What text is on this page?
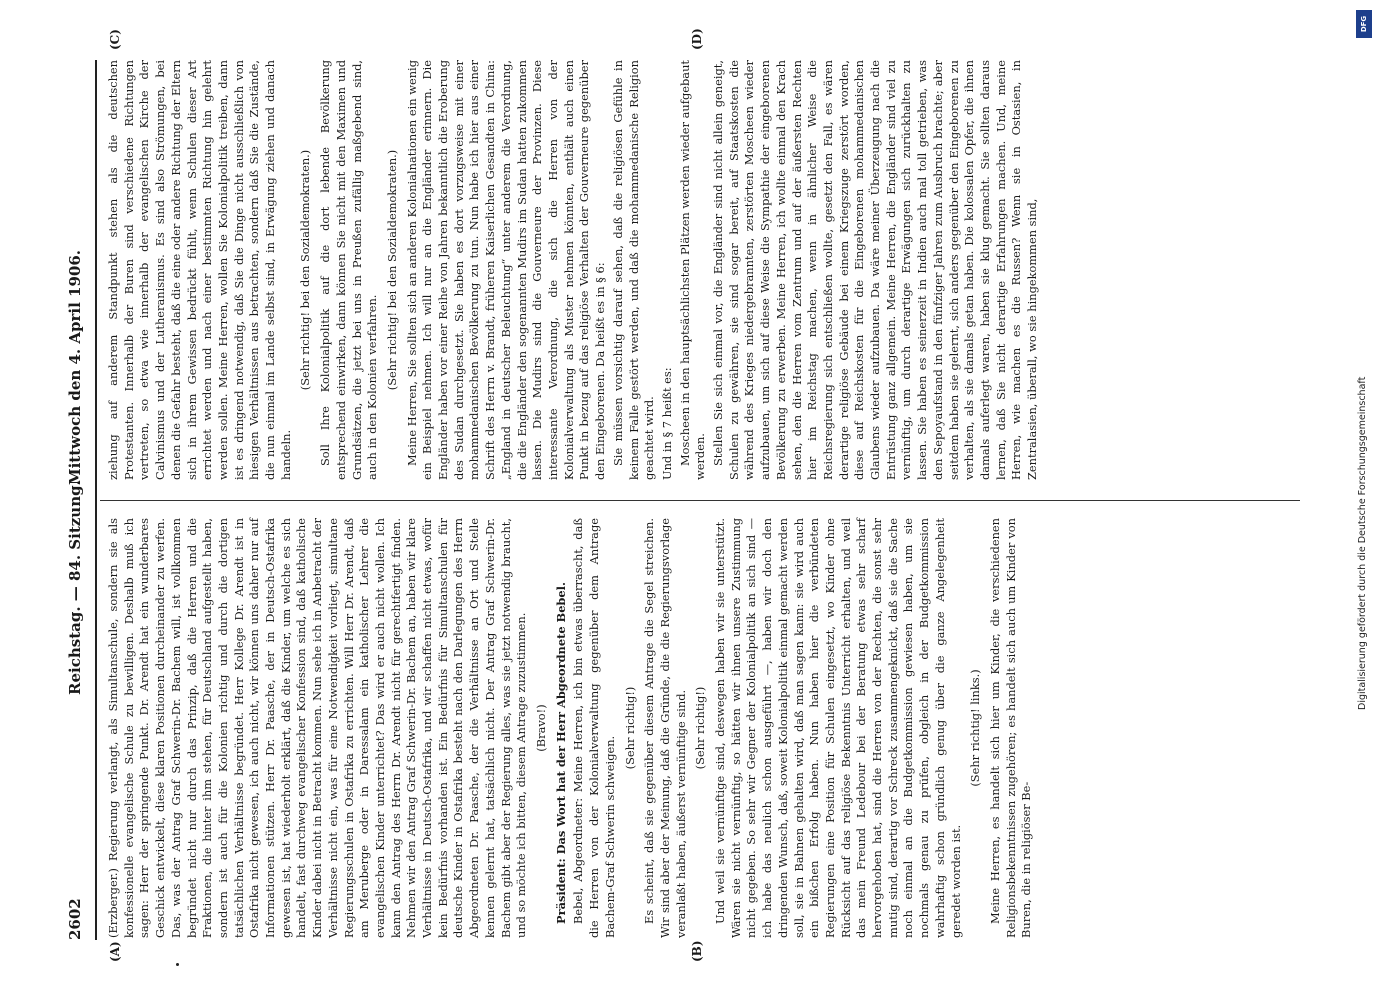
2602
Reichstag. — 84. Sitzung.
Mittwoch den 4. April 1906.
(A)	(B)
(C)	(D)

(Erzberger.) Regierung verlangt, als Simultanschule, sondern sie als konfessionelle evangelische Schule zu bewilligen. Deshalb muß ich sagen: Herr der springende Punkt. Dr. Arendt hat ein wunderbares Geschick entwickelt, diese klaren Positionen durcheinander zu werfen. Das, was der Antrag Graf Schwerin-Dr. Bachem will, ist vollkommen begründet nicht nur durch das Prinzip, daß die Herren und die Fraktionen, die hinter ihm stehen, für Deutschland aufgestellt haben, sondern ist auch für die Kolonien richtig und durch die dortigen tatsächlichen Verhältnisse begründet. Herr Kollege Dr. Arendt ist in Ostafrika nicht gewesen, ich auch nicht, wir können uns daher nur auf Informationen stützen. Herr Dr. Paasche, der in Deutsch-Ostafrika gewesen ist, hat wiederholt erklärt, daß die Kinder, um welche es sich handelt, fast durchweg evangelischer Konfession sind, daß katholische Kinder dabei nicht in Betracht kommen. Nun sehe ich in Anbetracht der Verhältnisse nicht ein, was für eine Notwendigkeit vorliegt, simultane Regierungsschulen in Ostafrika zu errichten. Will Herr Dr. Arendt, daß am Meruberge oder in Daressalam ein katholischer Lehrer die evangelischen Kinder unterrichtet? Das wird er auch nicht wollen. Ich kann den Antrag des Herrn Dr. Arendt nicht für gerechtfertigt finden. Nehmen wir den Antrag Graf Schwerin-Dr. Bachem an, haben wir klare Verhältnisse in Deutsch-Ostafrika, und wir schaffen nicht etwas, wofür kein Bedürfnis vorhanden ist. Ein Bedürfnis für Simultanschulen für deutsche Kinder in Ostafrika besteht nach den Darlegungen des Herrn Abgeordneten Dr. Paasche, der die Verhältnisse an Ort und Stelle kennen gelernt hat, tatsächlich nicht. Der Antrag Graf Schwerin-Dr. Bachem gibt aber der Regierung alles, was sie jetzt notwendig braucht, und so möchte ich bitten, diesem Antrage zuzustimmen. (Bravo!) Präsident: Das Wort hat der Herr Abgeordnete Bebel. Bebel, Abgeordneter: Meine Herren, ich bin etwas überrascht, daß die Herren von der Kolonialverwaltung gegenüber dem Antrage Bachem-Graf Schwerin schweigen.

(Sehr richtig!) Es scheint, daß sie gegenüber diesem Antrage die Segel streichen. Wir sind aber der Meinung, daß die Gründe, die die Regierungsvorlage veranlaßt haben, äußerst vernünftige sind. (Sehr richtig!) Und weil sie vernünftige sind, deswegen haben wir sie unterstützt. Wären sie nicht vernünftig, so hätten wir ihnen unsere Zustimmung nicht gegeben. So sehr wir Gegner der Kolonialpolitik an sich sind — ich habe das neulich schon ausgeführt —, haben wir doch den dringenden Wunsch, daß, soweit Kolonialpolitik einmal gemacht werden soll, sie in Bahnen gehalten wird, daß man sagen kann: sie wird auch ein bißchen Erfolg haben. Nun haben hier die verbündeten Regierungen eine Position für Schulen eingesetzt, wo Kinder ohne Rücksicht auf das religiöse Bekenntnis Unterricht erhalten, und weil das mein Freund Ledebour bei der Beratung etwas sehr scharf hervorgehoben hat, sind die Herren von der Rechten, die sonst sehr mutig sind, derartig vor Schreck zusammengeknickt, daß sie die Sache noch einmal an die Budgetkommission gewiesen haben, um sie nochmals genau zu prüfen, obgleich in der Budgetkommission wahrhaftig schon gründlich genug über die ganze Angelegenheit geredet worden ist.

(Sehr richtig! links.) Meine Herren, es handelt sich hier um Kinder, die verschiedenen Religionsbekenntnissen zugehören; es handelt sich auch um Kinder von Buren, die in religiöser Be-

ziehung auf anderem Standpunkt stehen als die deutschen Protestanten. Innerhalb der Buren sind verschiedene Richtungen vertreten, so etwa wie innerhalb der evangelischen Kirche der Calvinismus und der Lutheranismus. Es sind also Strömungen, bei denen die Gefahr besteht, daß die eine oder andere Richtung der Eltern sich in ihrem Gewissen bedrückt fühlt, wenn Schulen dieser Art errichtet werden und nach einer bestimmten Richtung hin gelehrt werden sollen. Meine Herren, wollen Sie Kolonialpolitik treiben, dann ist es dringend notwendig, daß Sie die Dinge nicht ausschließlich von hiesigen Verhältnissen aus betrachten, sondern daß Sie die Zustände, die nun einmal im Lande selbst sind, in Erwägung ziehen und danach handeln.

(Sehr richtig! bei den Sozialdemokraten.) Soll Ihre Kolonialpolitik auf die dort lebende Bevölkerung entsprechend einwirken, dann können Sie nicht mit den Maximen und Grundsätzen, die jetzt bei uns in Preußen zufällig maßgebend sind, auch in den Kolonien verfahren. (Sehr richtig! bei den Sozialdemokraten.) Meine Herren, Sie sollten sich an anderen Kolonialnationen ein wenig ein Beispiel nehmen. Ich will nur an die Engländer erinnern. Die Engländer haben vor einer Reihe von Jahren bekanntlich die Eroberung des Sudan durchgesetzt. Sie haben es dort vorzugsweise mit einer mohammedanischen Bevölkerung zu tun. Nun habe ich hier aus einer Schrift des Herrn v. Brandt, früheren Kaiserlichen Gesandten in China: „England in deutscher Beleuchtung“ unter anderem die Verordnung, die die Engländer den sogenannten Mudirs im Sudan hatten zukommen lassen. Die Mudirs sind die Gouverneure der Provinzen. Diese interessante Verordnung, die sich die Herren von der Kolonialverwaltung als Muster nehmen könnten, enthält auch einen Punkt in bezug auf das religiöse Verhalten der Gouverneure gegenüber den Eingeborenen. Da heißt es in § 6: Sie müssen vorsichtig darauf sehen, daß die religiösen Gefühle in keinem Falle gestört werden, und daß die mohammedanische Religion geachtet wird. Und in § 7 heißt es: Moscheen in den hauptsächlichsten Plätzen werden wieder aufgebaut werden. Stellen Sie sich einmal vor, die Engländer sind nicht allein geneigt, Schulen zu gewähren, sie sind sogar bereit, auf Staatskosten die während des Krieges niedergebrannten, zerstörten Moscheen wieder aufzubauen, um sich auf diese Weise die Sympathie der eingeborenen Bevölkerung zu erwerben. Meine Herren, ich wollte einmal den Krach sehen, den die Herren vom Zentrum und auf der äußersten Rechten hier im Reichstag machen, wenn in ähnlicher Weise die Reichsregierung sich entschließen wollte, gesetzt den Fall, es wären derartige religiöse Gebäude bei einem Kriegszuge zerstört worden, diese auf Reichskosten für die Eingeborenen mohammedanischen Glaubens wieder aufzubauen. Da wäre meiner Überzeugung nach die Entrüstung ganz allgemein. Meine Herren, die Engländer sind viel zu vernünftig, um durch derartige Erwägungen sich zurückhalten zu lassen. Sie haben es seinerzeit in Indien auch mal toll getrieben, was den Sepoyaufstand in den fünfziger Jahren zum Ausbruch brachte; aber seitdem haben sie gelernt, sich anders gegenüber den Eingeborenen zu verhalten, als sie damals getan haben. Die kolossalen Opfer, die ihnen damals auferlegt waren, haben sie klug gemacht. Sie sollten daraus lernen, daß Sie nicht derartige Erfahrungen machen. Und, meine Herren, wie machen es die Russen? Wenn sie in Ostasien, in Zentralasien, überall, wo sie hingekommen sind,

DFG
Digitalisierung gefördert durch die Deutsche Forschungsgemeinschaft
